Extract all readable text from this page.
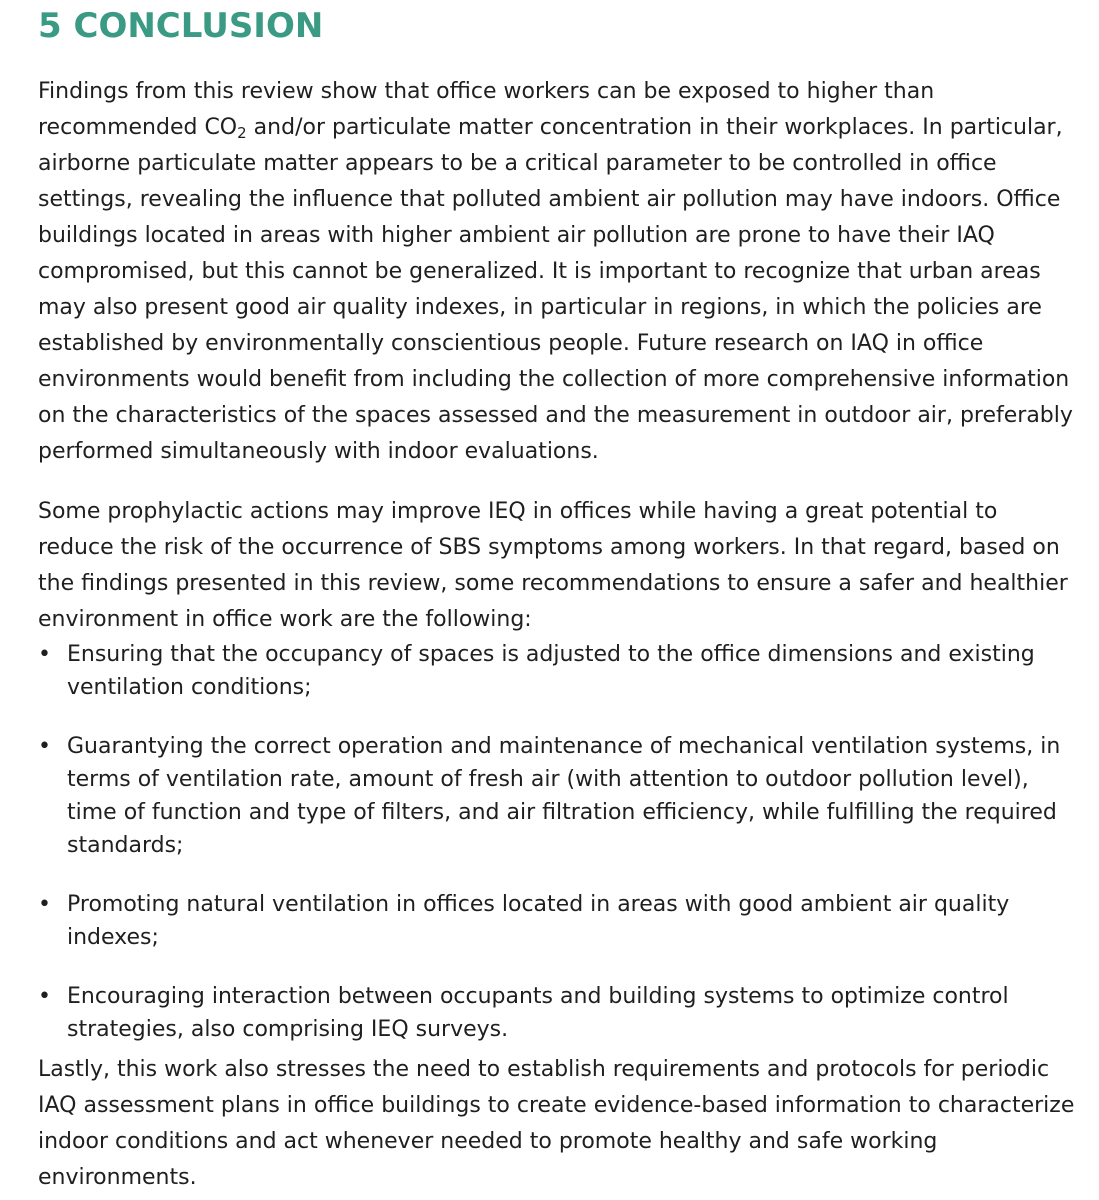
5 CONCLUSION

Findings from this review show that office workers can be exposed to higher than recommended $CO_2$ and/or particulate matter concentration in their workplaces. In particular, airborne particulate matter appears to be a critical parameter to be controlled in office settings, revealing the influence that polluted ambient air pollution may have indoors. Office buildings located in areas with higher ambient air pollution are prone to have their IAQ compromised, but this cannot be generalized. It is important to recognize that urban areas may also present good air quality indexes, in particular in regions, in which the policies are established by environmentally conscientious people. Future research on IAQ in office environments would benefit from including the collection of more comprehensive information on the characteristics of the spaces assessed and the measurement in outdoor air, preferably performed simultaneously with indoor evaluations.

Some prophylactic actions may improve IEQ in offices while having a great potential to reduce the risk of the occurrence of SBS symptoms among workers. In that regard, based on the findings presented in this review, some recommendations to ensure a safer and healthier environment in office work are the following:

• Ensuring that the occupancy of spaces is adjusted to the office dimensions and existing ventilation conditions;
• Guarantying the correct operation and maintenance of mechanical ventilation systems, in terms of ventilation rate, amount of fresh air (with attention to outdoor pollution level), time of function and type of filters, and air filtration efficiency, while fulfilling the required standards;
• Promoting natural ventilation in offices located in areas with good ambient air quality indexes;
• Encouraging interaction between occupants and building systems to optimize control strategies, also comprising IEQ surveys.

Lastly, this work also stresses the need to establish requirements and protocols for periodic IAQ assessment plans in office buildings to create evidence-based information to characterize indoor conditions and act whenever needed to promote healthy and safe working environments.
